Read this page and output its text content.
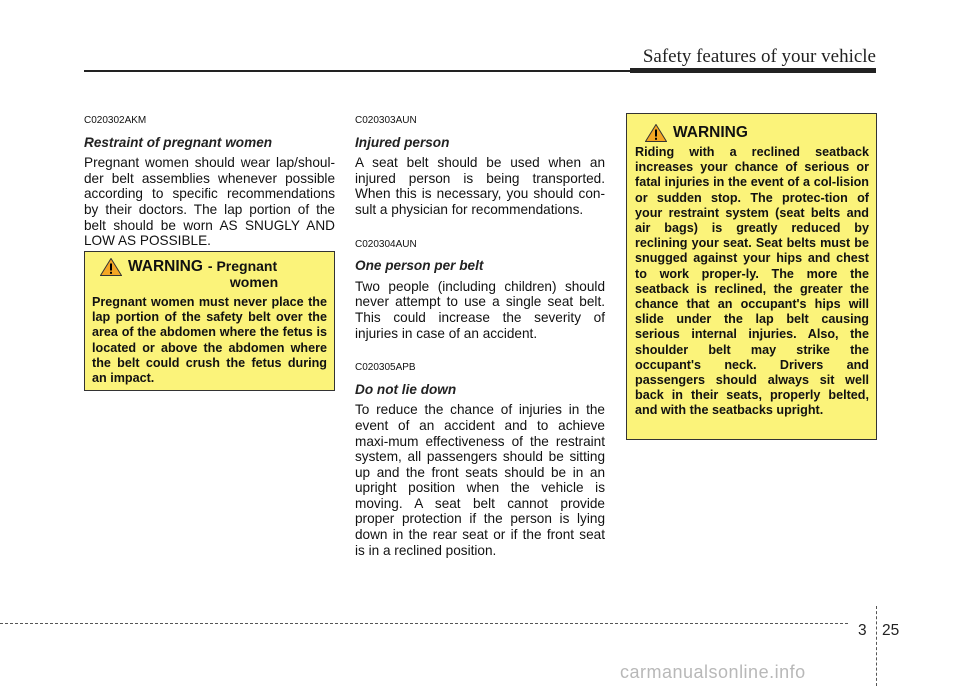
Safety features of your vehicle
C020302AKM
Restraint of pregnant women

Pregnant women should wear lap/shoul-der belt assemblies whenever possible according to specific recommendations by their doctors. The lap portion of the belt should be worn AS SNUGLY AND LOW AS POSSIBLE.

WARNING - Pregnant
women
Pregnant women must never place the lap portion of the safety belt over the area of the abdomen where the fetus is located or above the abdomen where the belt could crush the fetus during an impact.
C020303AUN
Injured person

A seat belt should be used when an injured person is being transported. When this is necessary, you should con-sult a physician for recommendations.

C020304AUN
One person per belt

Two people (including children) should never attempt to use a single seat belt. This could increase the severity of injuries in case of an accident.

C020305APB
Do not lie down

To reduce the chance of injuries in the event of an accident and to achieve maxi-mum effectiveness of the restraint system, all passengers should be sitting up and the front seats should be in an upright position when the vehicle is moving. A seat belt cannot provide proper protection if the person is lying down in the rear seat or if the front seat is in a reclined position.

WARNING
Riding with a reclined seatback increases your chance of serious or fatal injuries in the event of a col-lision or sudden stop. The protec-tion of your restraint system (seat belts and air bags) is greatly reduced by reclining your seat. Seat belts must be snugged against your hips and chest to work proper-ly. The more the seatback is reclined, the greater the chance that an occupant's hips will slide under the lap belt causing serious internal injuries. Also, the shoulder belt may strike the occupant's neck. Drivers and passengers should always sit well back in their seats, properly belted, and with the seatbacks upright.
3 25
carmanualsonline.info
